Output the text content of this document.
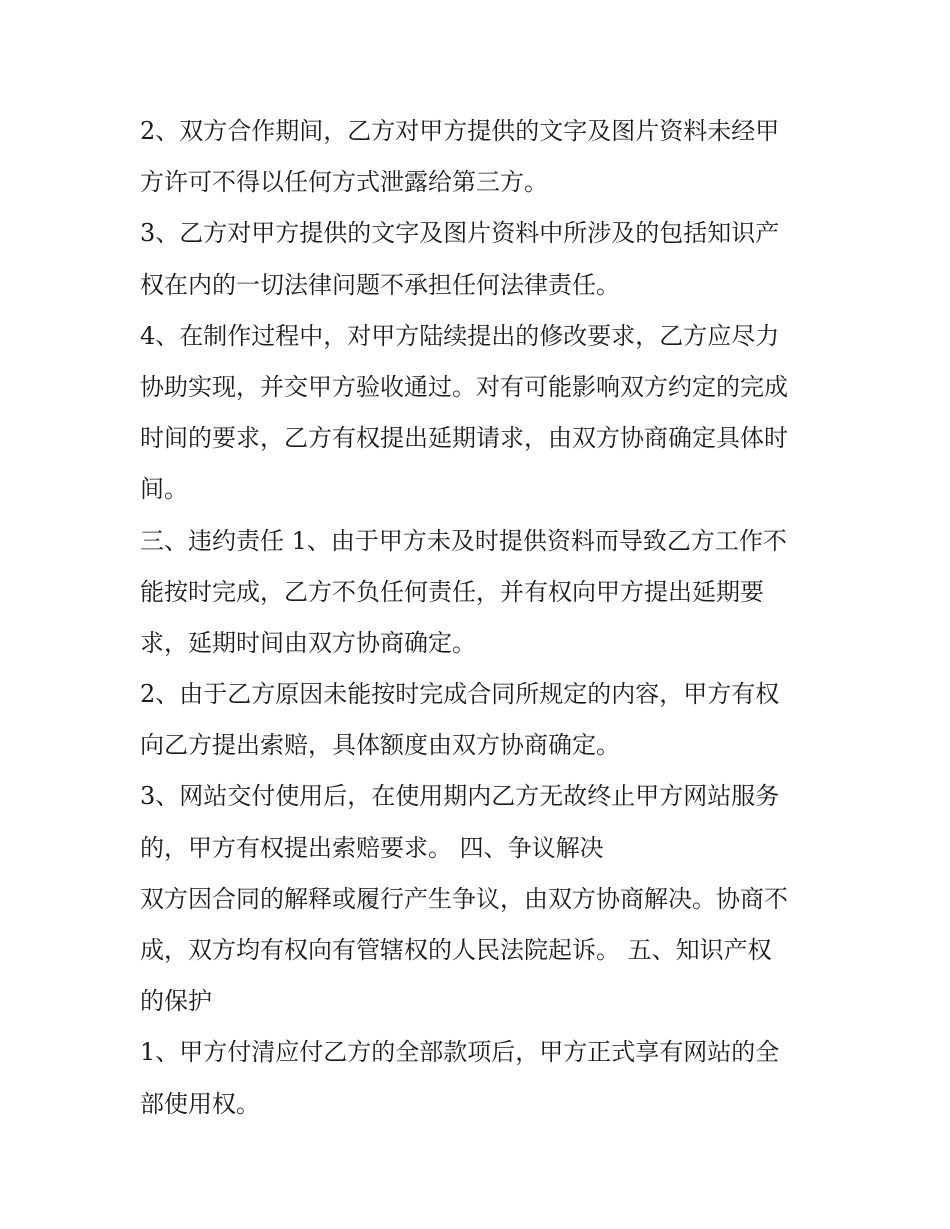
2、双方合作期间，乙方对甲方提供的文字及图片资料未经甲
方许可不得以任何方式泄露给第三方。
3、乙方对甲方提供的文字及图片资料中所涉及的包括知识产
权在内的一切法律问题不承担任何法律责任。
4、在制作过程中，对甲方陆续提出的修改要求，乙方应尽力
协助实现，并交甲方验收通过。对有可能影响双方约定的完成
时间的要求，乙方有权提出延期请求，由双方协商确定具体时
间。
三、违约责任 1、由于甲方未及时提供资料而导致乙方工作不
能按时完成，乙方不负任何责任，并有权向甲方提出延期要
求，延期时间由双方协商确定。
2、由于乙方原因未能按时完成合同所规定的内容，甲方有权
向乙方提出索赔，具体额度由双方协商确定。
3、网站交付使用后，在使用期内乙方无故终止甲方网站服务
的，甲方有权提出索赔要求。 四、争议解决
双方因合同的解释或履行产生争议，由双方协商解决。协商不
成，双方均有权向有管辖权的人民法院起诉。 五、知识产权
的保护
1、甲方付清应付乙方的全部款项后，甲方正式享有网站的全
部使用权。
